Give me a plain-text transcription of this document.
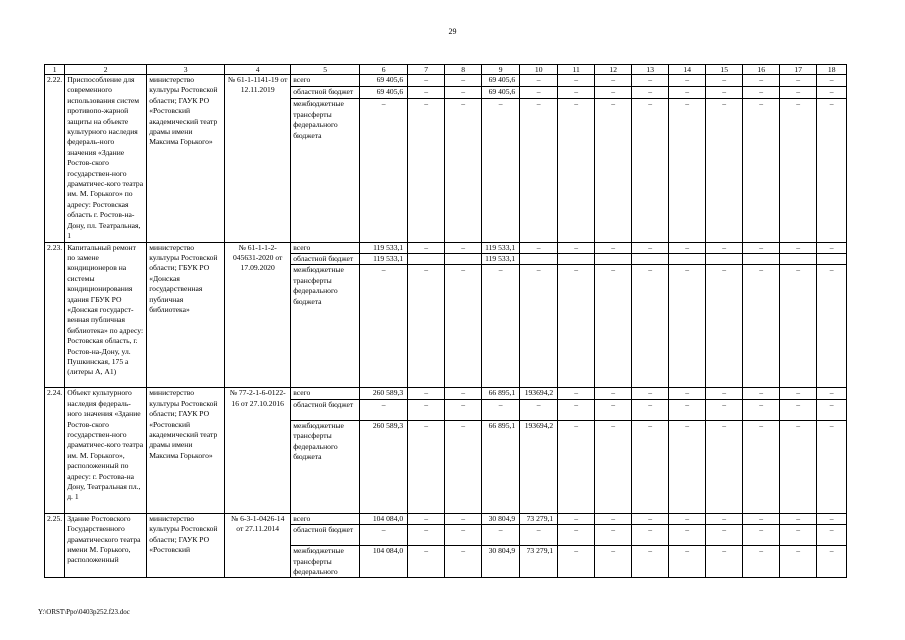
29
1	2	3	4	5	6	7	8	9	10	11	12	13	14	15	16	17	18
2.22.	Приспособление для современного использования систем противопо-жарной защиты на объекте культурного наследия федераль-ного значения «Здание Ростов-ского государствен-ного драматичес-кого театра им. М. Горького» по адресу: Ростовская область г. Ростов-на-Дону, пл. Театральная, 1	министерство культуры Ростовской области; ГАУК РО «Ростовский академический театр драмы имени Максима Горького»	№ 61-1-1141-19 от 12.11.2019	всего	69 405,6	–	–	69 405,6	–	–	–	–	–	–	–	–	–
				областной бюджет	69 405,6	–	–	69 405,6	–	–	–	–	–	–	–	–	–
				межбюджетные трансферты федерального бюджета	–	–	–	–	–	–	–	–	–	–	–	–	–
2.23.	Капитальный ремонт по замене кондиционеров на системы кондиционирования здания ГБУК РО «Донская государст-венная публичная библиотека» по адресу: Ростовская область, г. Ростов-на-Дону, ул. Пушкинская, 175 а (литеры А, А1)	министерство культуры Ростовской области; ГБУК РО «Донская государственная публичная библиотека»	№ 61-1-1-2-045631-2020 от 17.09.2020	всего	119 533,1	–	–	119 533,1	–	–	–	–	–	–	–	–	–
				областной бюджет	119 533,1			119 533,1									
				межбюджетные трансферты федерального бюджета	–	–	–	–	–	–	–	–	–	–	–	–	–
2.24.	Объект культурного наследия федераль-ного значения «Здание Ростов-ского государствен-ного драматичес-кого театра им. М. Горького», расположенный по адресу: г. Ростова-на Дону, Театральная пл., д. 1	министерство культуры Ростовской области; ГАУК РО «Ростовский академический театр драмы имени Максима Горького»	№ 77-2-1-6-0122-16 от 27.10.2016	всего	260 589,3	–	–	66 895,1	193694,2	–	–	–	–	–	–	–	–
				областной бюджет	–	–	–	–	–	–	–	–	–	–	–	–	–
				межбюджетные трансферты федерального бюджета	260 589,3	–	–	66 895,1	193694,2	–	–	–	–	–	–	–	–
2.25.	Здание Ростовского Государственного драматического театра имени М. Горького, расположенный	министерство культуры Ростовской области; ГАУК РО «Ростовский	№ 6-3-1-0426-14 от 27.11.2014	всего	104 084,0	–	–	30 804,9	73 279,1	–	–	–	–	–	–	–	–
				областной бюджет	–	–	–	–	–	–	–	–	–	–	–	–	–
				межбюджетные трансферты федерального	104 084,0	–	–	30 804,9	73 279,1	–	–	–	–	–	–	–	–
Y:\ORST\Ppo\0403p252.f23.doc
